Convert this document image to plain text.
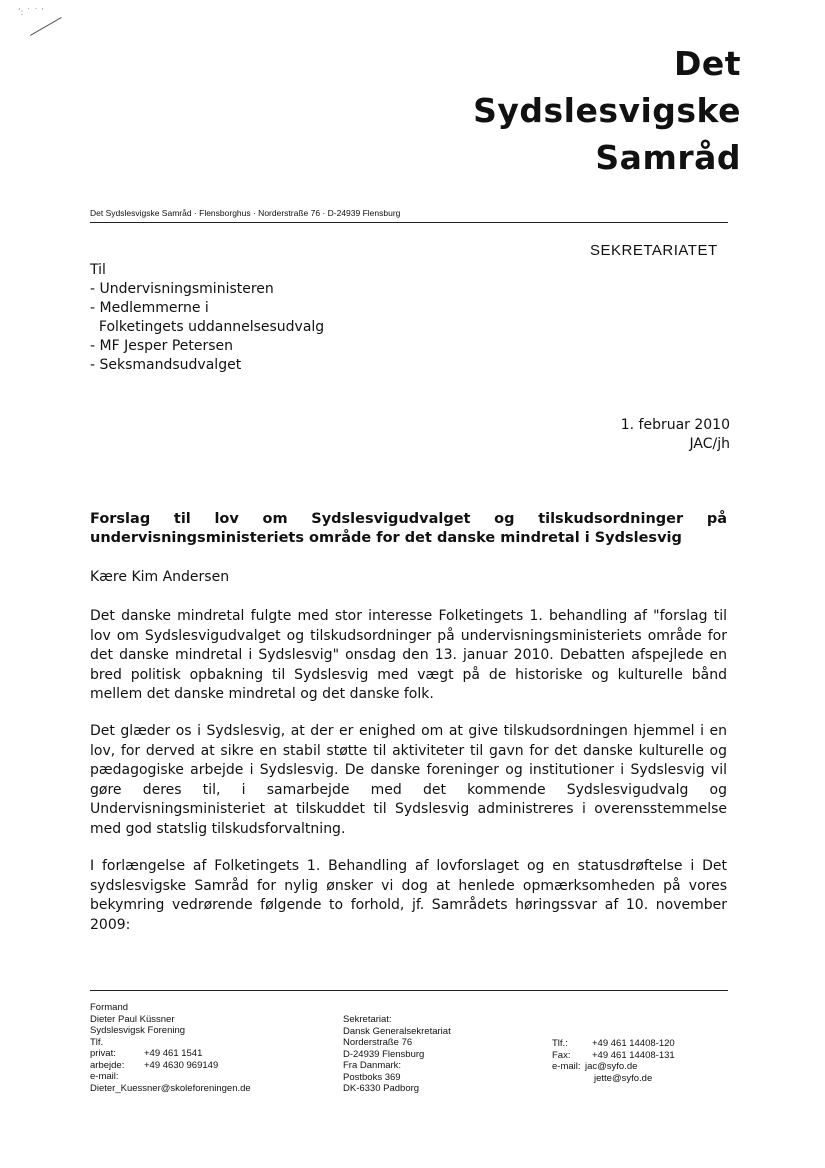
ʹ: ˙ ˙ ʹ
Det
Sydslesvigske
Samråd
Det Sydslesvigske Samråd · Flensborghus · Norderstraße 76 · D-24939 Flensburg
SEKRETARIATET
Til
- Undervisningsministeren
- Medlemmerne i
Folketingets uddannelsesudvalg
- MF Jesper Petersen
- Seksmandsudvalget
1. februar 2010
JAC/jh
Forslag til lov om Sydslesvigudvalget og tilskudsordninger på
undervisningsministeriets område for det danske mindretal i Sydslesvig
Kære Kim Andersen
Det danske mindretal fulgte med stor interesse Folketingets 1. behandling af "forslag til lov om Sydslesvigudvalget og tilskudsordninger på undervisningsministeriets område for det danske mindretal i Sydslesvig" onsdag den 13. januar 2010. Debatten afspejlede en bred politisk opbakning til Sydslesvig med vægt på de historiske og kulturelle bånd mellem det danske mindretal og det danske folk.
Det glæder os i Sydslesvig, at der er enighed om at give tilskudsordningen hjemmel i en lov, for derved at sikre en stabil støtte til aktiviteter til gavn for det danske kulturelle og pædagogiske arbejde i Sydslesvig. De danske foreninger og institutioner i Sydslesvig vil gøre deres til, i samarbejde med det kommende Sydslesvigudvalg og Undervisningsministeriet at tilskuddet til Sydslesvig administreres i overensstemmelse med god statslig tilskudsforvaltning.
I forlængelse af Folketingets 1. Behandling af lovforslaget og en statusdrøftelse i Det sydslesvigske Samråd for nylig ønsker vi dog at henlede opmærksomheden på vores bekymring vedrørende følgende to forhold, jf. Samrådets høringssvar af 10. november 2009:
Formand
Dieter Paul Küssner
Sydslesvigsk Forening
Tlf.
privat:	+49 461 1541
arbejde:	+49 4630 969149
e-mail:
Dieter_Kuessner@skoleforeningen.de
Sekretariat:
Dansk Generalsekretariat
Norderstraße 76
D-24939 Flensburg
Fra Danmark:
Postboks 369
DK-6330 Padborg
Tlf.:	+49 461 14408-120
Fax:	+49 461 14408-131
e-mail: jac@syfo.de
jette@syfo.de
